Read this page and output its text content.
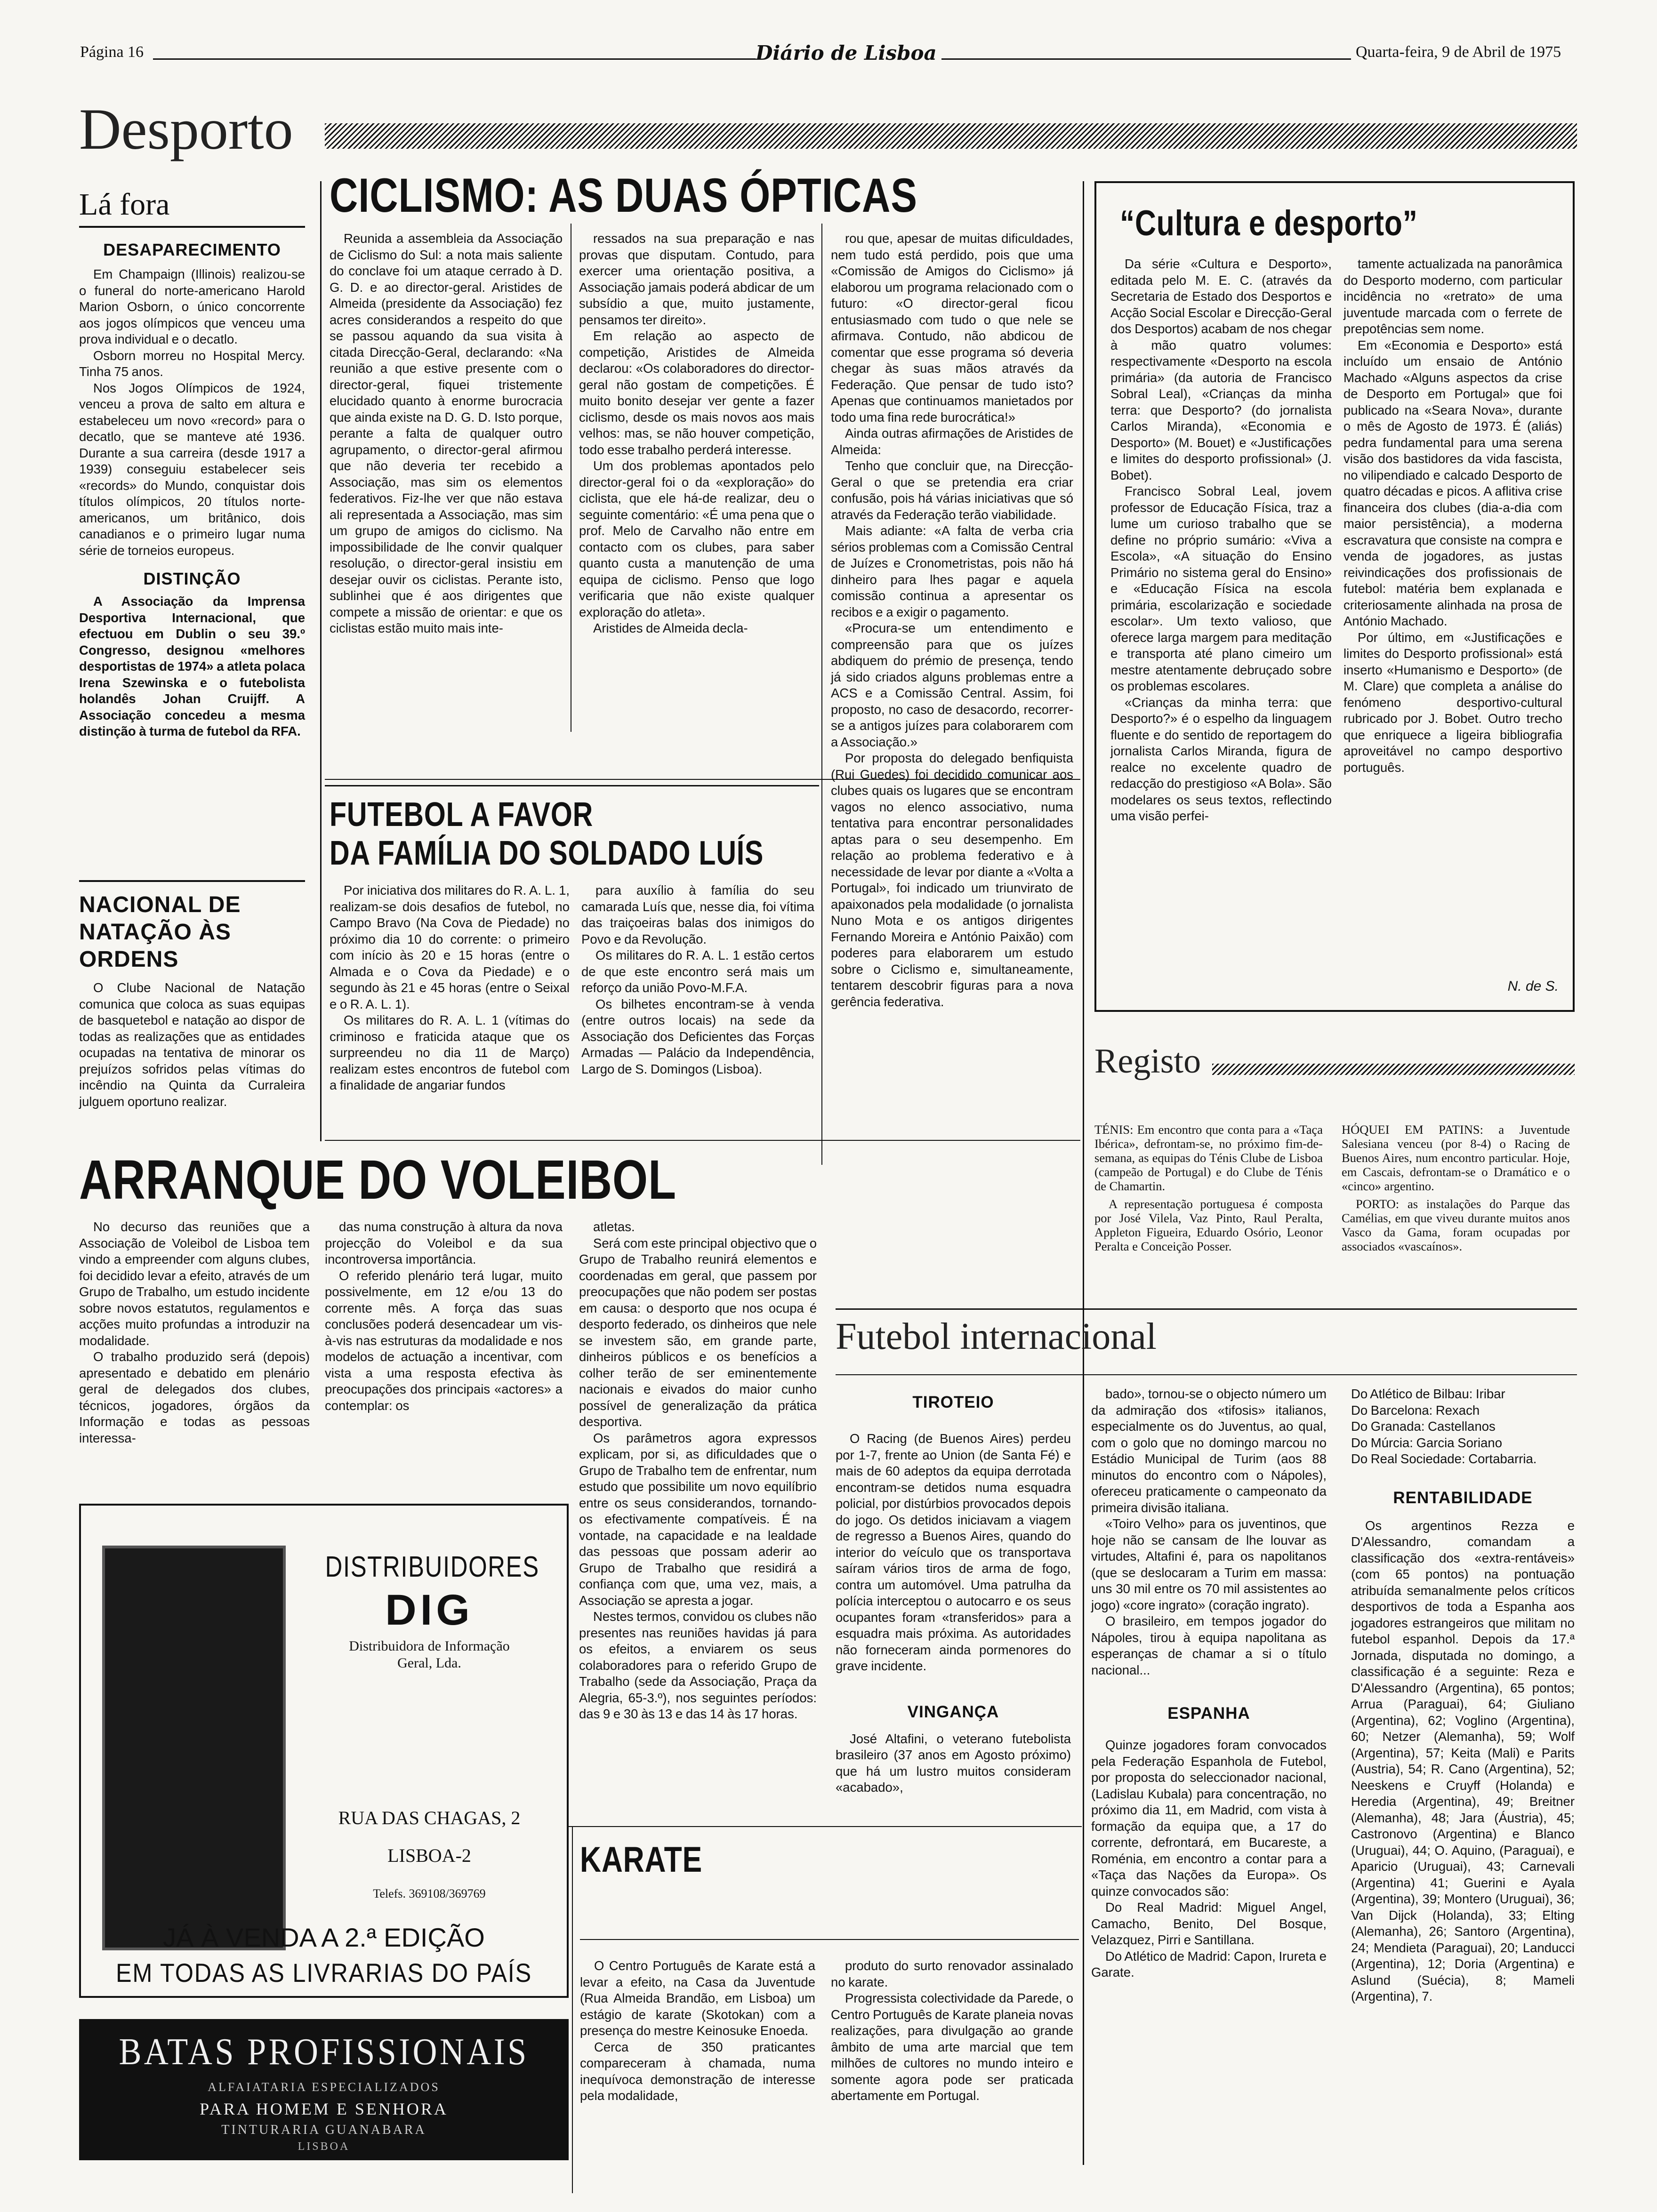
Página 16	Diário de Lisboa	Quarta-feira, 9 de Abril de 1975
Desporto
Lá fora
DESAPARECIMENTO

Em Champaign (Illinois) realizou-se o funeral do norte-americano Harold Marion Osborn, o único concorrente aos jogos olímpicos que venceu uma prova individual e o decatlo.

Osborn morreu no Hospital Mercy. Tinha 75 anos.

Nos Jogos Olímpicos de 1924, venceu a prova de salto em altura e estabeleceu um novo «record» para o decatlo, que se manteve até 1936. Durante a sua carreira (desde 1917 a 1939) conseguiu estabelecer seis «records» do Mundo, conquistar dois títulos olímpicos, 20 títulos norte-americanos, um britânico, dois canadianos e o primeiro lugar numa série de torneios europeus.

DISTINÇÃO

A Associação da Imprensa Desportiva Internacional, que efectuou em Dublin o seu 39.º Congresso, designou «melhores desportistas de 1974» a atleta polaca Irena Szewinska e o futebolista holandês Johan Cruijff. A Associação concedeu a mesma distinção à turma de futebol da RFA.

NACIONAL DE NATAÇÃO ÀS ORDENS

O Clube Nacional de Natação comunica que coloca as suas equipas de basquetebol e natação ao dispor de todas as realizações que as entidades ocupadas na tentativa de minorar os prejuízos sofridos pelas vítimas do incêndio na Quinta da Curraleira julguem oportuno realizar.

CICLISMO: AS DUAS ÓPTICAS

Reunida a assembleia da Associação de Ciclismo do Sul: a nota mais saliente do conclave foi um ataque cerrado à D. G. D. e ao director-geral. Aristides de Almeida (presidente da Associação) fez acres considerandos a respeito do que se passou aquando da sua visita à citada Direcção-Geral, declarando: «Na reunião a que estive presente com o director-geral, fiquei tristemente elucidado quanto à enorme burocracia que ainda existe na D. G. D. Isto porque, perante a falta de qualquer outro agrupamento, o director-geral afirmou que não deveria ter recebido a Associação, mas sim os elementos federativos. Fiz-lhe ver que não estava ali representada a Associação, mas sim um grupo de amigos do ciclismo. Na impossibilidade de lhe convir qualquer resolução, o director-geral insistiu em desejar ouvir os ciclistas. Perante isto, sublinhei que é aos dirigentes que compete a missão de orientar: e que os ciclistas estão muito mais inte-

ressados na sua preparação e nas provas que disputam. Contudo, para exercer uma orientação positiva, a Associação jamais poderá abdicar de um subsídio a que, muito justamente, pensamos ter direito».

Em relação ao aspecto de competição, Aristides de Almeida declarou: «Os colaboradores do director-geral não gostam de competições. É muito bonito desejar ver gente a fazer ciclismo, desde os mais novos aos mais velhos: mas, se não houver competição, todo esse trabalho perderá interesse.

Um dos problemas apontados pelo director-geral foi o da «exploração» do ciclista, que ele há-de realizar, deu o seguinte comentário: «É uma pena que o prof. Melo de Carvalho não entre em contacto com os clubes, para saber quanto custa a manutenção de uma equipa de ciclismo. Penso que logo verificaria que não existe qualquer exploração do atleta».

Aristides de Almeida decla-

rou que, apesar de muitas dificuldades, nem tudo está perdido, pois que uma «Comissão de Amigos do Ciclismo» já elaborou um programa relacionado com o futuro: «O director-geral ficou entusiasmado com tudo o que nele se afirmava. Contudo, não abdicou de comentar que esse programa só deveria chegar às suas mãos através da Federação. Que pensar de tudo isto? Apenas que continuamos manietados por todo uma fina rede burocrática!»

Ainda outras afirmações de Aristides de Almeida:

Tenho que concluir que, na Direcção-Geral o que se pretendia era criar confusão, pois há várias iniciativas que só através da Federação terão viabilidade.

Mais adiante: «A falta de verba cria sérios problemas com a Comissão Central de Juízes e Cronometristas, pois não há dinheiro para lhes pagar e aquela comissão continua a apresentar os recibos e a exigir o pagamento.

«Procura-se um entendimento e compreensão para que os juízes abdiquem do prémio de presença, tendo já sido criados alguns problemas entre a ACS e a Comissão Central. Assim, foi proposto, no caso de desacordo, recorrer-se a antigos juízes para colaborarem com a Associação.»

Por proposta do delegado benfiquista (Rui Guedes) foi decidido comunicar aos clubes quais os lugares que se encontram vagos no elenco associativo, numa tentativa para encontrar personalidades aptas para o seu desempenho. Em relação ao problema federativo e à necessidade de levar por diante a «Volta a Portugal», foi indicado um triunvirato de apaixonados pela modalidade (o jornalista Nuno Mota e os antigos dirigentes Fernando Moreira e António Paixão) com poderes para elaborarem um estudo sobre o Ciclismo e, simultaneamente, tentarem descobrir figuras para a nova gerência federativa.

FUTEBOL A FAVOR
DA FAMÍLIA DO SOLDADO LUÍS

Por iniciativa dos militares do R. A. L. 1, realizam-se dois desafios de futebol, no Campo Bravo (Na Cova de Piedade) no próximo dia 10 do corrente: o primeiro com início às 20 e 15 horas (entre o Almada e o Cova da Piedade) e o segundo às 21 e 45 horas (entre o Seixal e o R. A. L. 1).

Os militares do R. A. L. 1 (vítimas do criminoso e fraticida ataque que os surpreendeu no dia 11 de Março) realizam estes encontros de futebol com a finalidade de angariar fundos

para auxílio à família do seu camarada Luís que, nesse dia, foi vítima das traiçoeiras balas dos inimigos do Povo e da Revolução.

Os militares do R. A. L. 1 estão certos de que este encontro será mais um reforço da união Povo-M.F.A.

Os bilhetes encontram-se à venda (entre outros locais) na sede da Associação dos Deficientes das Forças Armadas — Palácio da Independência, Largo de S. Domingos (Lisboa).

ARRANQUE DO VOLEIBOL

No decurso das reuniões que a Associação de Voleibol de Lisboa tem vindo a empreender com alguns clubes, foi decidido levar a efeito, através de um Grupo de Trabalho, um estudo incidente sobre novos estatutos, regulamentos e acções muito profundas a introduzir na modalidade.

O trabalho produzido será (depois) apresentado e debatido em plenário geral de delegados dos clubes, técnicos, jogadores, órgãos da Informação e todas as pessoas interessa-

das numa construção à altura da nova projecção do Voleibol e da sua incontroversa importância.

O referido plenário terá lugar, muito possivelmente, em 12 e/ou 13 do corrente mês. A força das suas conclusões poderá desencadear um vis-à-vis nas estruturas da modalidade e nos modelos de actuação a incentivar, com vista a uma resposta efectiva às preocupações dos principais «actores» a contemplar: os

atletas.

Será com este principal objectivo que o Grupo de Trabalho reunirá elementos e coordenadas em geral, que passem por preocupações que não podem ser postas em causa: o desporto que nos ocupa é desporto federado, os dinheiros que nele se investem são, em grande parte, dinheiros públicos e os benefícios a colher terão de ser eminentemente nacionais e eivados do maior cunho possível de generalização da prática desportiva.

Os parâmetros agora expressos explicam, por si, as dificuldades que o Grupo de Trabalho tem de enfrentar, num estudo que possibilite um novo equilíbrio entre os seus considerandos, tornando-os efectivamente compatíveis. É na vontade, na capacidade e na lealdade das pessoas que possam aderir ao Grupo de Trabalho que residirá a confiança com que, uma vez, mais, a Associação se apresta a jogar.

Nestes termos, convidou os clubes não presentes nas reuniões havidas já para os efeitos, a enviarem os seus colaboradores para o referido Grupo de Trabalho (sede da Associação, Praça da Alegria, 65-3.º), nos seguintes períodos: das 9 e 30 às 13 e das 14 às 17 horas.

DISTRIBUIDORES
DIG
Distribuidora de Informação
Geral, Lda.
RUA DAS CHAGAS, 2
LISBOA-2
Telefs. 369108/369769
JÁ À VENDA A 2.ª EDIÇÃO
EM TODAS AS LIVRARIAS DO PAÍS
BATAS PROFISSIONAIS
ALFAIATARIA ESPECIALIZADOS
PARA HOMEM E SENHORA
TINTURARIA GUANABARA
LISBOA
KARATE

O Centro Português de Karate está a levar a efeito, na Casa da Juventude (Rua Almeida Brandão, em Lisboa) um estágio de karate (Skotokan) com a presença do mestre Keinosuke Enoeda.

Cerca de 350 praticantes compareceram à chamada, numa inequívoca demonstração de interesse pela modalidade,

produto do surto renovador assinalado no karate.

Progressista colectividade da Parede, o Centro Português de Karate planeia novas realizações, para divulgação ao grande âmbito de uma arte marcial que tem milhões de cultores no mundo inteiro e somente agora pode ser praticada abertamente em Portugal.

“Cultura e desporto”

Da série «Cultura e Desporto», editada pelo M. E. C. (através da Secretaria de Estado dos Desportos e Acção Social Escolar e Direcção-Geral dos Desportos) acabam de nos chegar à mão quatro volumes: respectivamente «Desporto na escola primária» (da autoria de Francisco Sobral Leal), «Crianças da minha terra: que Desporto? (do jornalista Carlos Miranda), «Economia e Desporto» (M. Bouet) e «Justificações e limites do desporto profissional» (J. Bobet).

Francisco Sobral Leal, jovem professor de Educação Física, traz a lume um curioso trabalho que se define no próprio sumário: «Viva a Escola», «A situação do Ensino Primário no sistema geral do Ensino» e «Educação Física na escola primária, escolarização e sociedade escolar». Um texto valioso, que oferece larga margem para meditação e transporta até plano cimeiro um mestre atentamente debruçado sobre os problemas escolares.

«Crianças da minha terra: que Desporto?» é o espelho da linguagem fluente e do sentido de reportagem do jornalista Carlos Miranda, figura de realce no excelente quadro de redacção do prestigioso «A Bola». São modelares os seus textos, reflectindo uma visão perfei-

tamente actualizada na panorâmica do Desporto moderno, com particular incidência no «retrato» de uma juventude marcada com o ferrete de prepotências sem nome.

Em «Economia e Desporto» está incluído um ensaio de António Machado «Alguns aspectos da crise de Desporto em Portugal» que foi publicado na «Seara Nova», durante o mês de Agosto de 1973. É (aliás) pedra fundamental para uma serena visão dos bastidores da vida fascista, no vilipendiado e calcado Desporto de quatro décadas e picos. A aflitiva crise financeira dos clubes (dia-a-dia com maior persistência), a moderna escravatura que consiste na compra e venda de jogadores, as justas reivindicações dos profissionais de futebol: matéria bem explanada e criteriosamente alinhada na prosa de António Machado.

Por último, em «Justificações e limites do Desporto profissional» está inserto «Humanismo e Desporto» (de M. Clare) que completa a análise do fenómeno desportivo-cultural rubricado por J. Bobet. Outro trecho que enriquece a ligeira bibliografia aproveitável no campo desportivo português.

N. de S.
Registo

TÉNIS: Em encontro que conta para a «Taça Ibérica», defrontam-se, no próximo fim-de-semana, as equipas do Ténis Clube de Lisboa (campeão de Portugal) e do Clube de Ténis de Chamartin.

A representação portuguesa é composta por José Vilela, Vaz Pinto, Raul Peralta, Appleton Figueira, Eduardo Osório, Leonor Peralta e Conceição Posser.

HÓQUEI EM PATINS: a Juventude Salesiana venceu (por 8-4) o Racing de Buenos Aires, num encontro particular. Hoje, em Cascais, defrontam-se o Dramático e o «cinco» argentino.

PORTO: as instalações do Parque das Camélias, em que viveu durante muitos anos Vasco da Gama, foram ocupadas por associados «vascaínos».

Futebol internacional
TIROTEIO

O Racing (de Buenos Aires) perdeu por 1-7, frente ao Union (de Santa Fé) e mais de 60 adeptos da equipa derrotada encontram-se detidos numa esquadra policial, por distúrbios provocados depois do jogo. Os detidos iniciavam a viagem de regresso a Buenos Aires, quando do interior do veículo que os transportava saíram vários tiros de arma de fogo, contra um automóvel. Uma patrulha da polícia interceptou o autocarro e os seus ocupantes foram «transferidos» para a esquadra mais próxima. As autoridades não forneceram ainda pormenores do grave incidente.

VINGANÇA

José Altafini, o veterano futebolista brasileiro (37 anos em Agosto próximo) que há um lustro muitos consideram «acabado»,

bado», tornou-se o objecto número um da admiração dos «tifosis» italianos, especialmente os do Juventus, ao qual, com o golo que no domingo marcou no Estádio Municipal de Turim (aos 88 minutos do encontro com o Nápoles), ofereceu praticamente o campeonato da primeira divisão italiana.

«Toiro Velho» para os juventinos, que hoje não se cansam de lhe louvar as virtudes, Altafini é, para os napolitanos (que se deslocaram a Turim em massa: uns 30 mil entre os 70 mil assistentes ao jogo) «core ingrato» (coração ingrato).

O brasileiro, em tempos jogador do Nápoles, tirou à equipa napolitana as esperanças de chamar a si o título nacional...

ESPANHA

Quinze jogadores foram convocados pela Federação Espanhola de Futebol, por proposta do seleccionador nacional, (Ladislau Kubala) para concentração, no próximo dia 11, em Madrid, com vista à formação da equipa que, a 17 do corrente, defrontará, em Bucareste, a Roménia, em encontro a contar para a «Taça das Nações da Europa». Os quinze convocados são:

Do Real Madrid: Miguel Angel, Camacho, Benito, Del Bosque, Velazquez, Pirri e Santillana.

Do Atlético de Madrid: Capon, Irureta e Garate.

Do Atlético de Bilbau: Iribar
Do Barcelona: Rexach
Do Granada: Castellanos
Do Múrcia: Garcia Soriano
Do Real Sociedade: Cortabarria.
RENTABILIDADE

Os argentinos Rezza e D'Alessandro, comandam a classificação dos «extra-rentáveis» (com 65 pontos) na pontuação atribuída semanalmente pelos críticos desportivos de toda a Espanha aos jogadores estrangeiros que militam no futebol espanhol. Depois da 17.ª Jornada, disputada no domingo, a classificação é a seguinte: Reza e D'Alessandro (Argentina), 65 pontos; Arrua (Paraguai), 64; Giuliano (Argentina), 62; Voglino (Argentina), 60; Netzer (Alemanha), 59; Wolf (Argentina), 57; Keita (Mali) e Parits (Austria), 54; R. Cano (Argentina), 52; Neeskens e Cruyff (Holanda) e Heredia (Argentina), 49; Breitner (Alemanha), 48; Jara (Áustria), 45; Castronovo (Argentina) e Blanco (Uruguai), 44; O. Aquino, (Paraguai), e Aparicio (Uruguai), 43; Carnevali (Argentina) 41; Guerini e Ayala (Argentina), 39; Montero (Uruguai), 36; Van Dijck (Holanda), 33; Elting (Alemanha), 26; Santoro (Argentina), 24; Mendieta (Paraguai), 20; Landucci (Argentina), 12; Doria (Argentina) e Aslund (Suécia), 8; Mameli (Argentina), 7.
